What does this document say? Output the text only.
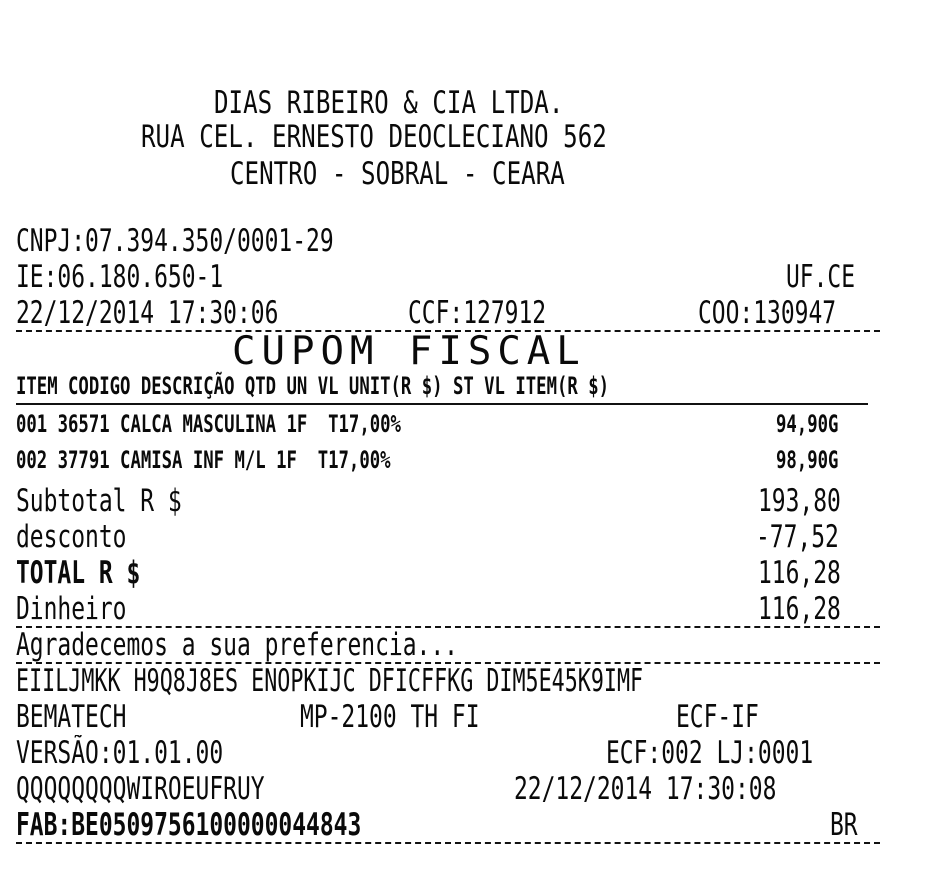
DIAS RIBEIRO & CIA LTDA.
RUA CEL. ERNESTO DEOCLECIANO 562
CENTRO - SOBRAL - CEARA
CNPJ:07.394.350/0001-29
IE:06.180.650-1	UF.CE
22/12/2014 17:30:06	CCF:127912	COO:130947
CUPOM FISCAL
ITEM CODIGO DESCRIÇÃO QTD UN VL UNIT(R $) ST VL ITEM(R $)
001 36571 CALCA MASCULINA 1F  T17,00%	94,90G
002 37791 CAMISA INF M/L 1F  T17,00%	98,90G
Subtotal R $	193,80
desconto	-77,52
TOTAL R $	116,28
Dinheiro	116,28
Agradecemos a sua preferencia...
EIILJMKK H9Q8J8ES ENOPKIJC DFICFFKG DIM5E45K9IMF
BEMATECH	MP-2100 TH FI	ECF-IF
VERSÃO:01.01.00	ECF:002 LJ:0001
QQQQQQQQWIROEUFRUY	22/12/2014 17:30:08
FAB:BE0509756100000044843	BR
